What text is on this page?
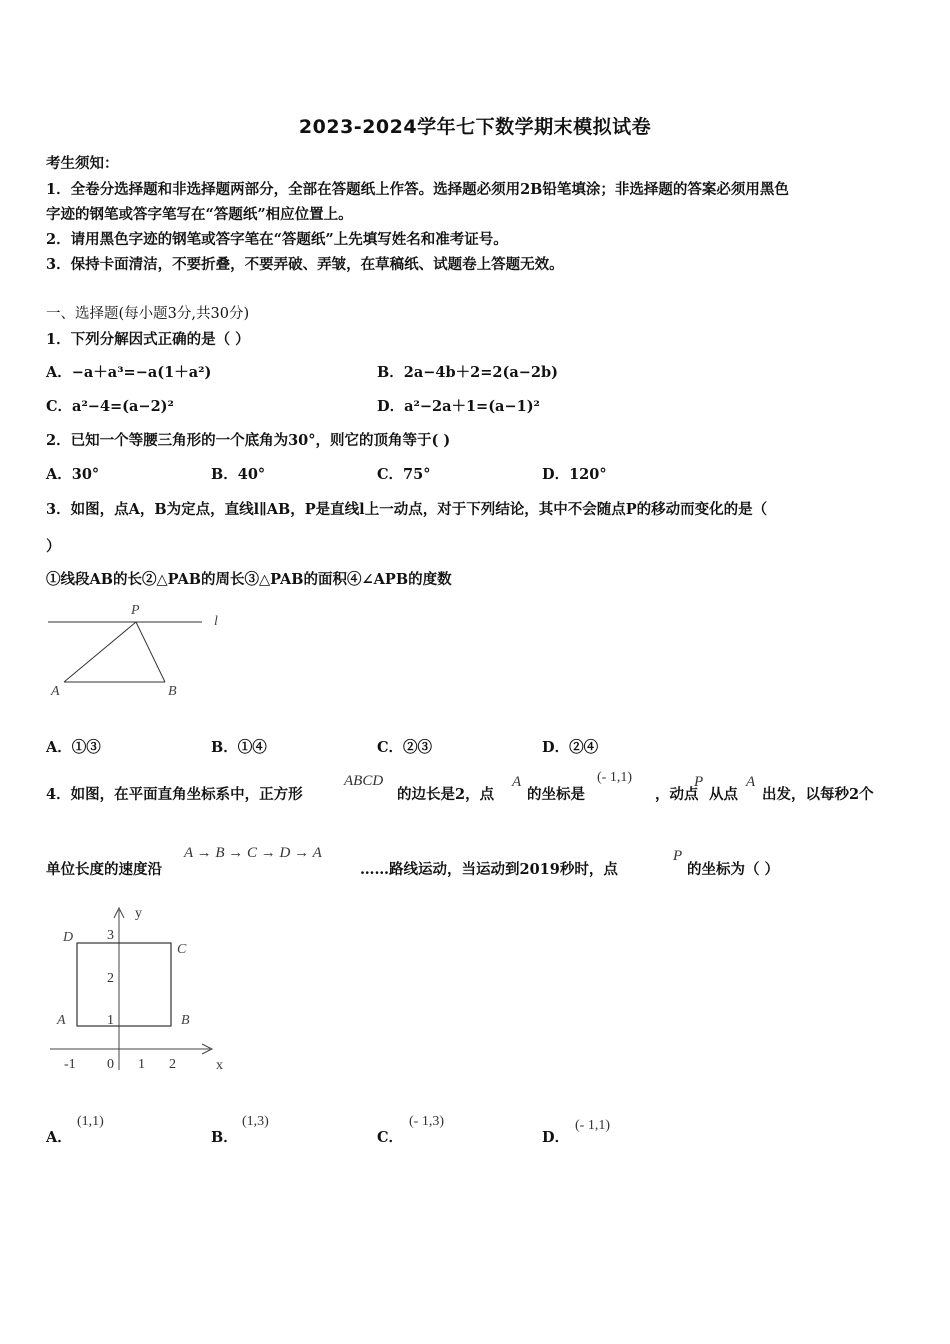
2023-2024学年七下数学期末模拟试卷
考生须知：
1．全卷分选择题和非选择题两部分，全部在答题纸上作答。选择题必须用2B铅笔填涂；非选择题的答案必须用黑色
字迹的钢笔或答字笔写在“答题纸”相应位置上。
2．请用黑色字迹的钢笔或答字笔在“答题纸”上先填写姓名和准考证号。
3．保持卡面清洁，不要折叠，不要弄破、弄皱，在草稿纸、试题卷上答题无效。
一、选择题(每小题3分,共30分)
1．下列分解因式正确的是（ ）
A．−a＋a³=−a(1＋a²)	B．2a−4b＋2=2(a−2b)
C．a²−4=(a−2)²	D．a²−2a＋1=(a−1)²
2．已知一个等腰三角形的一个底角为30°，则它的顶角等于( )
A．30°	B．40°	C．75°	D．120°
3．如图，点A，B为定点，直线l∥AB，P是直线l上一动点，对于下列结论，其中不会随点P的移动而变化的是（
）
①线段AB的长②△PAB的周长③△PAB的面积④∠APB的度数
P
l
A	B
A．①③	B．①④	C．②③	D．②④
4．如图，在平面直角坐标系中，正方形
ABCD
的边长是2，点
A
的坐标是
(- 1,1)
，动点
P
从点
A
出发，以每秒2个
单位长度的速度沿
A → B → C → D → A
……路线运动，当运动到2019秒时，点
P
的坐标为（ ）
y
x
D
C
A	B
3
2
1
-1 0 1 2
A．
(1,1)
B．
(1,3)
C．
(- 1,3)
D．
(- 1,1)
